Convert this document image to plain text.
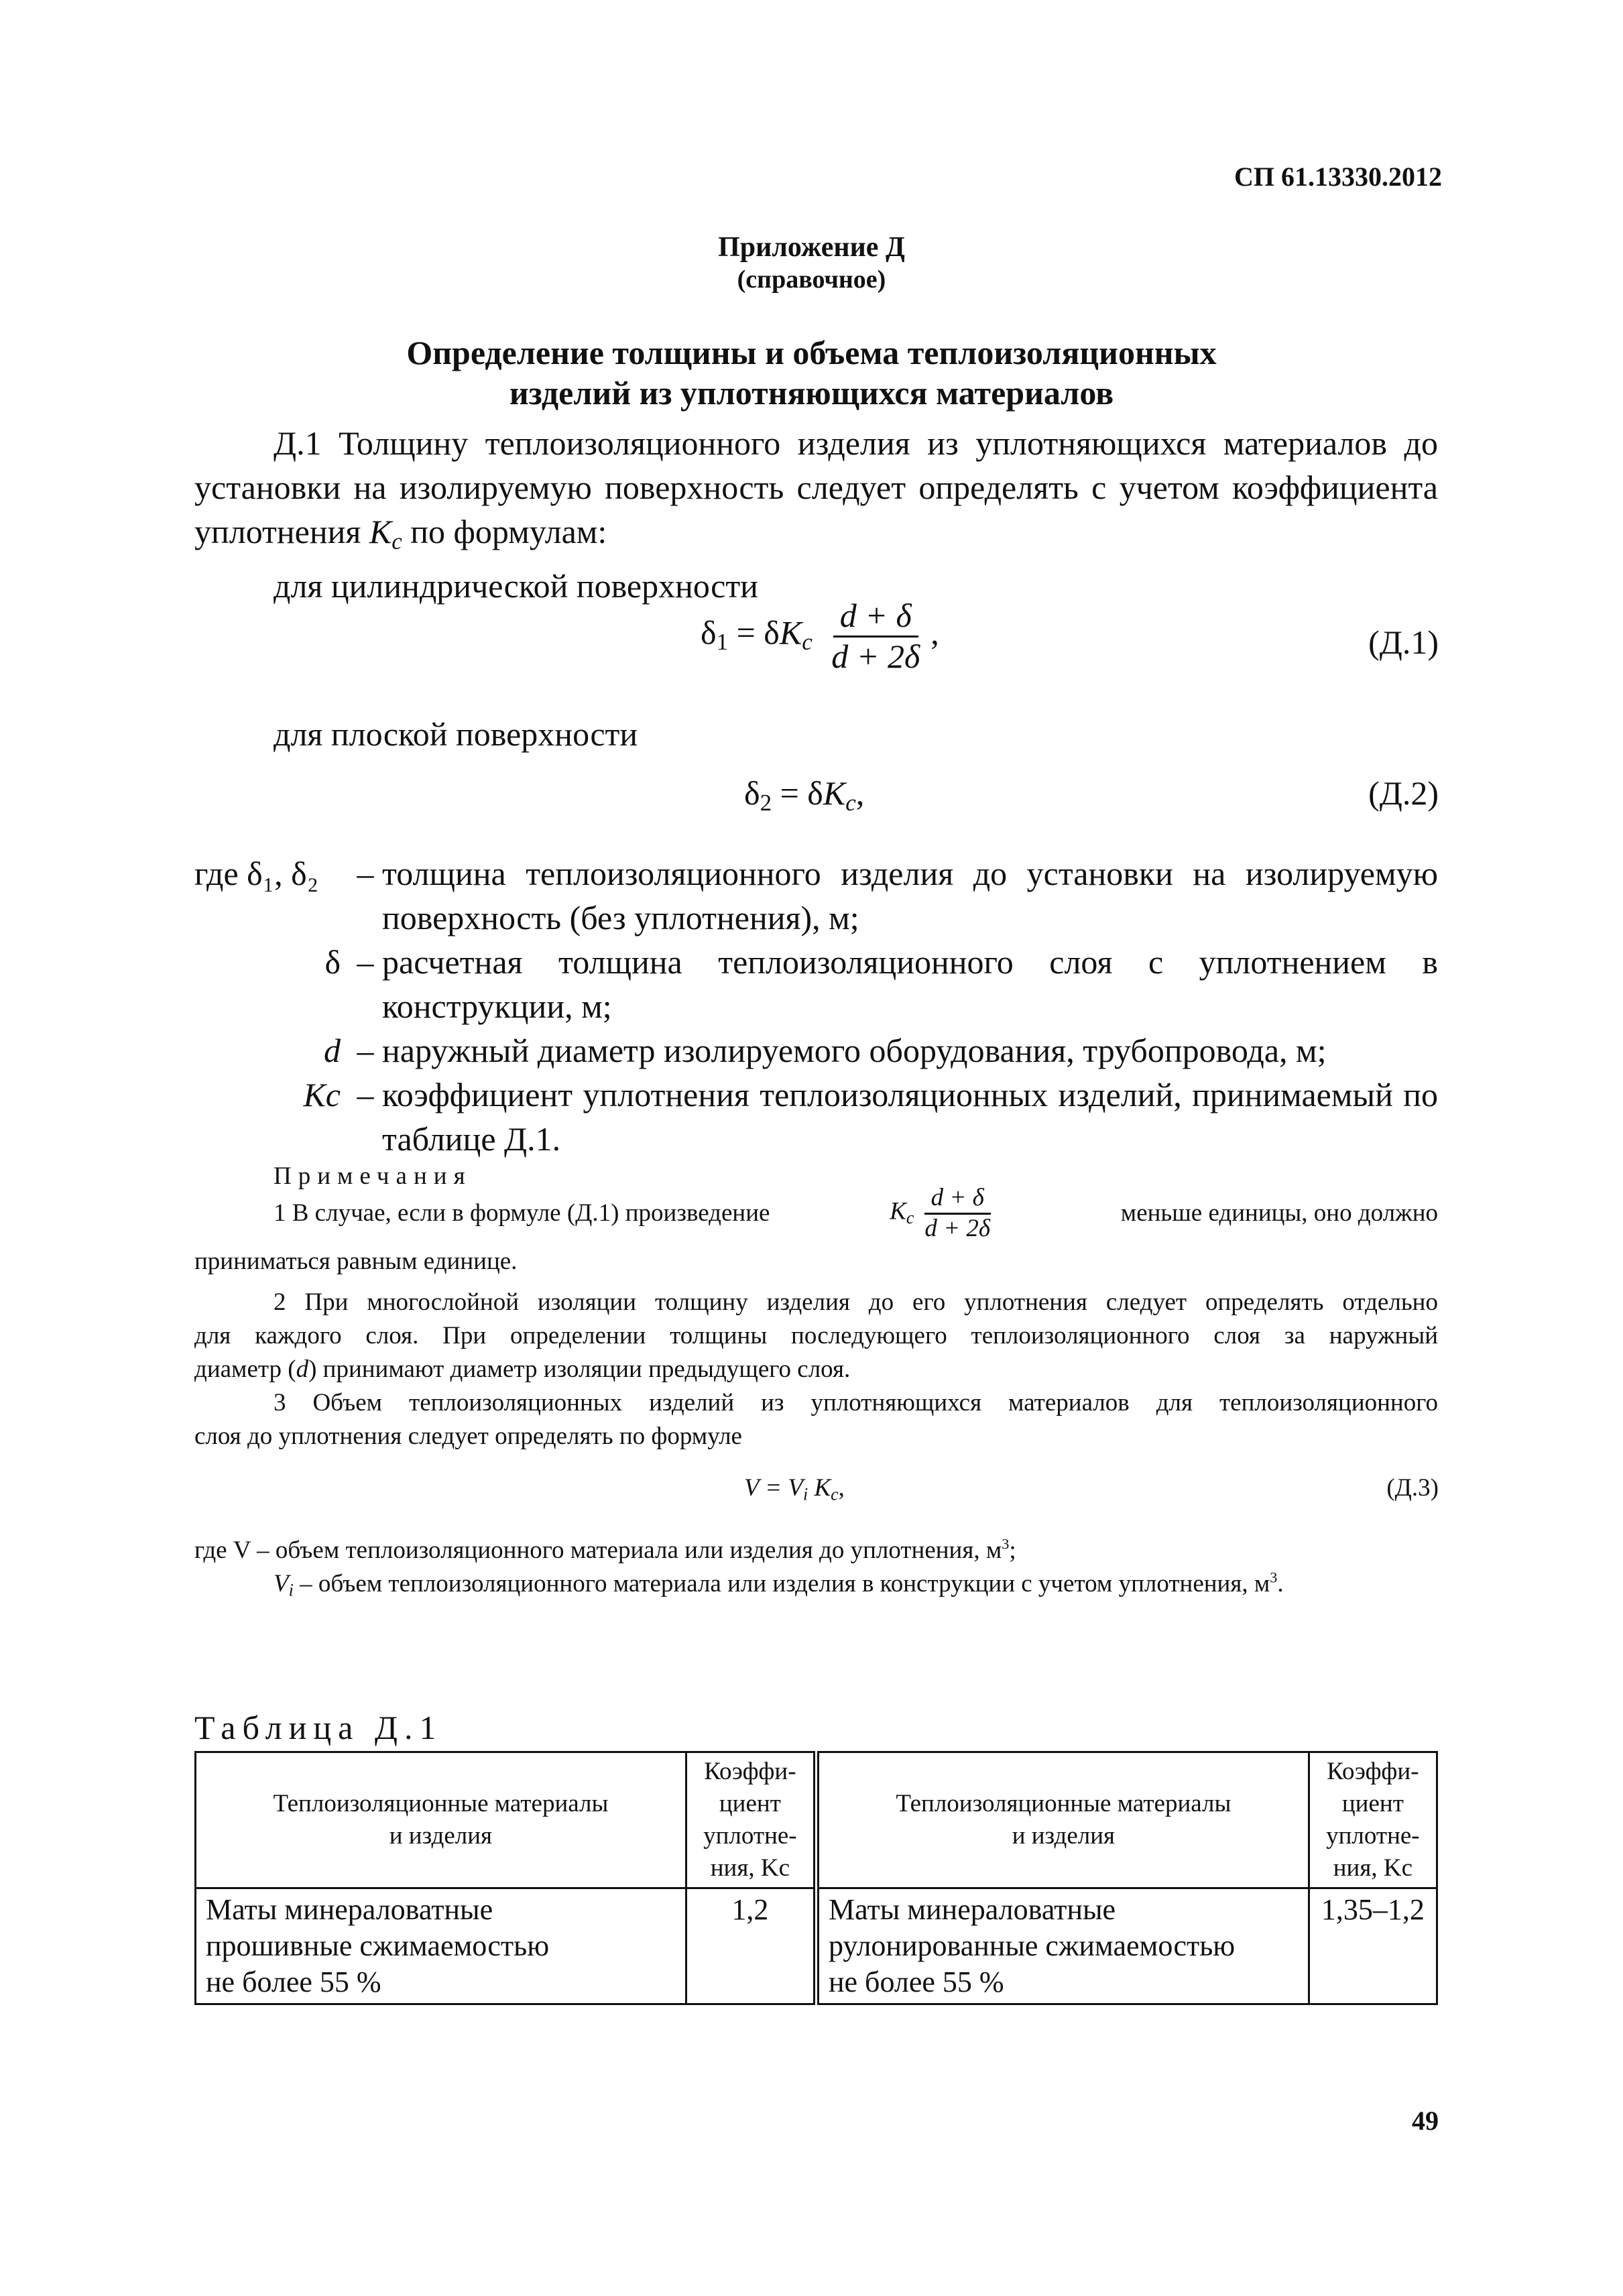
СП 61.13330.2012
Приложение Д
(справочное)
Определение толщины и объема теплоизоляционных
изделий из уплотняющихся материалов
Д.1 Толщину теплоизоляционного изделия из уплотняющихся материалов до
установки на изолируемую поверхность следует определять с учетом коэффициента
уплотнения $K_c$ по формулам:
для цилиндрической поверхности
$\delta_1 = \delta K_c \frac{d + \delta}{d + 2\delta}$ ,	(Д.1)
для плоской поверхности
$\delta_2 = \delta K_c$,	(Д.2)
где δ₁, δ₂	– толщина теплоизоляционного изделия до установки на изолируемую
поверхность (без уплотнения), м;
δ – расчетная толщина теплоизоляционного слоя с уплотнением в
конструкции, м;
d – наружный диаметр изолируемого оборудования, трубопровода, м;
Kc – коэффициент уплотнения теплоизоляционных изделий, принимаемый по
таблице Д.1.
Примечания
1 В случае, если в формуле (Д.1) произведение	$K_c \frac{d + \delta}{d + 2\delta}$	меньше единицы, оно должно
приниматься равным единице.
2 При многослойной изоляции толщину изделия до его уплотнения следует определять отдельно
для каждого слоя. При определении толщины последующего теплоизоляционного слоя за наружный
диаметр (d) принимают диаметр изоляции предыдущего слоя.
3 Объем теплоизоляционных изделий из уплотняющихся материалов для теплоизоляционного
слоя до уплотнения следует определять по формуле
$V = V_i$ $K_c$,	(Д.3)
где V – объем теплоизоляционного материала или изделия до уплотнения, $м^3$;
$V_i$ – объем теплоизоляционного материала или изделия в конструкции с учетом уплотнения, $м^3$.
Таблица Д.1
Теплоизоляционные материалы
и изделия	Коэффи-
циент
уплотне-
ния, Kc	Теплоизоляционные материалы
и изделия	Коэффи-
циент
уплотне-
ния, Kc
Маты минераловатные
прошивные сжимаемостью
не более 55 %	1,2	Маты минераловатные
рулонированные сжимаемостью
не более 55 %	1,35–1,2
49
